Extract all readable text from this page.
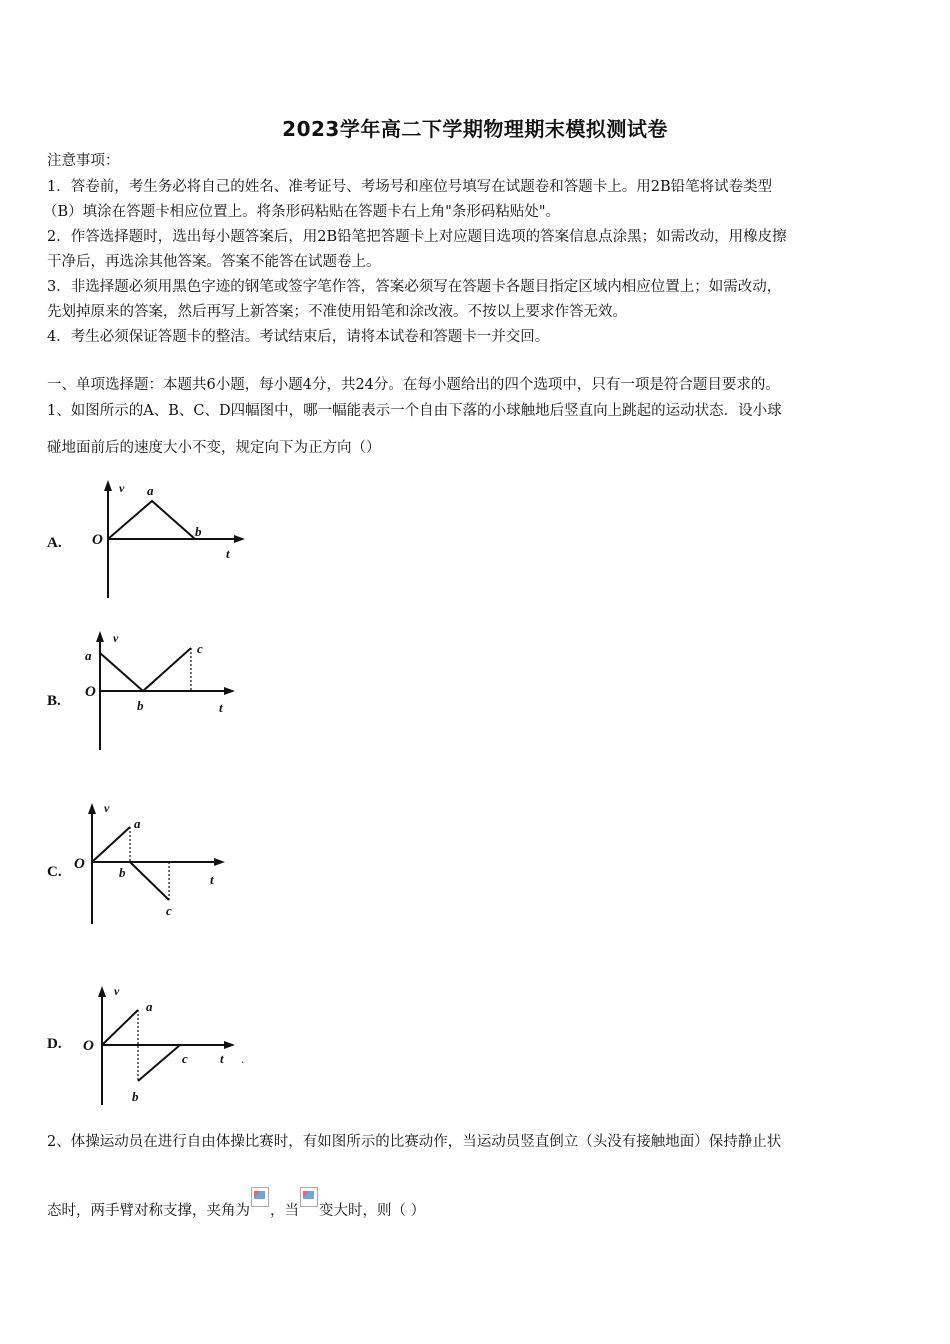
2023学年高二下学期物理期末模拟测试卷
注意事项：
1．答卷前，考生务必将自己的姓名、准考证号、考场号和座位号填写在试题卷和答题卡上。用2B铅笔将试卷类型
（B）填涂在答题卡相应位置上。将条形码粘贴在答题卡右上角"条形码粘贴处"。
2．作答选择题时，选出每小题答案后，用2B铅笔把答题卡上对应题目选项的答案信息点涂黑；如需改动，用橡皮擦
干净后，再选涂其他答案。答案不能答在试题卷上。
3．非选择题必须用黑色字迹的钢笔或签字笔作答，答案必须写在答题卡各题目指定区域内相应位置上；如需改动，
先划掉原来的答案，然后再写上新答案；不准使用铅笔和涂改液。不按以上要求作答无效。
4．考生必须保证答题卡的整洁。考试结束后，请将本试卷和答题卡一并交回。
一、单项选择题：本题共6小题，每小题4分，共24分。在每小题给出的四个选项中，只有一项是符合题目要求的。
1、如图所示的A、B、C、D四幅图中，哪一幅能表示一个自由下落的小球触地后竖直向上跳起的运动状态．设小球
碰地面前后的速度大小不变，规定向下为正方向（）
A.
v a
O
b
t
B.
v
a
O
b
c
t
C.
v
a
O
b
c
t
D.
v
a
O
b
c t .
2、体操运动员在进行自由体操比赛时，有如图所示的比赛动作，当运动员竖直倒立（头没有接触地面）保持静止状
态时，两手臂对称支撑，夹角为 ，当 变大时，则（ ）
